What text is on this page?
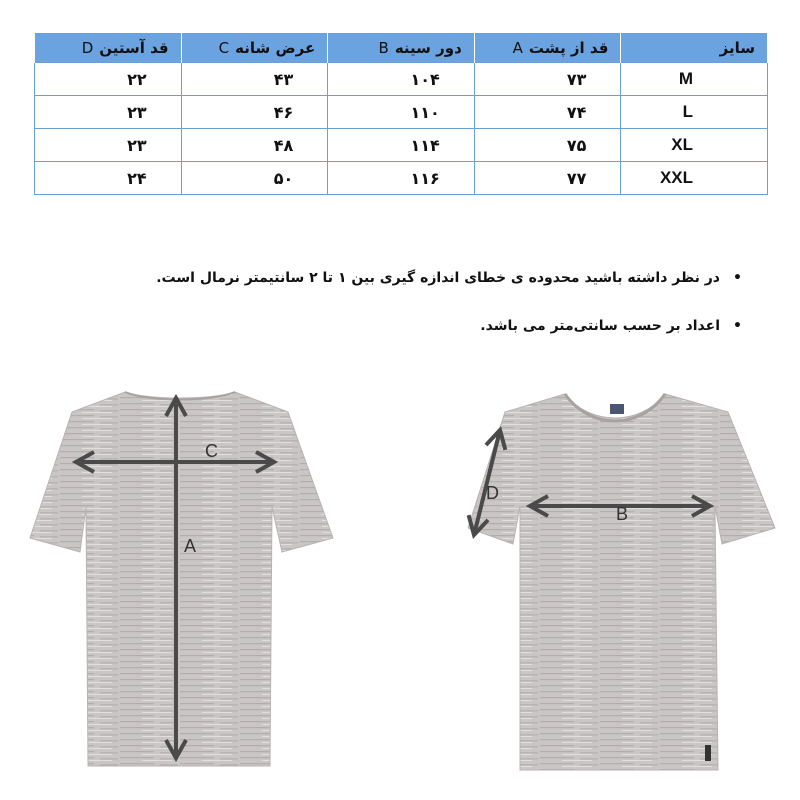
سایز	قد از پشتA	دور سینهB	عرض شانهC	قد آستینD
M	۷۳	۱۰۴	۴۳	۲۲
L	۷۴	۱۱۰	۴۶	۲۳
XL	۷۵	۱۱۴	۴۸	۲۳
XXL	۷۷	۱۱۶	۵۰	۲۴
•
در نظر داشته باشید محدوده ی خطای اندازه گیری بین ۱ تا ۲ سانتیمتر نرمال است.
•
اعداد بر حسب سانتی‌متر می باشد.
A
C
B
D
